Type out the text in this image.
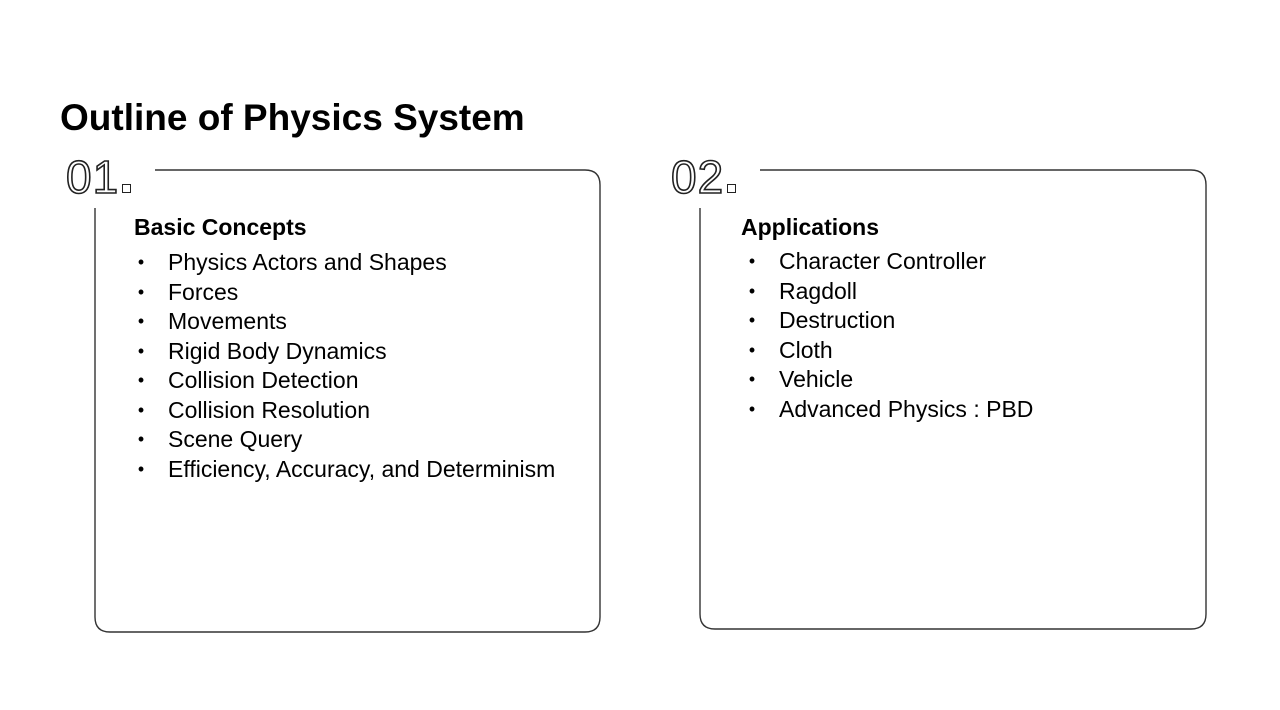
Outline of Physics System
01
Basic Concepts
• Physics Actors and Shapes
• Forces
• Movements
• Rigid Body Dynamics
• Collision Detection
• Collision Resolution
• Scene Query
• Efficiency, Accuracy, and Determinism
02
Applications
• Character Controller
• Ragdoll
• Destruction
• Cloth
• Vehicle
• Advanced Physics : PBD
